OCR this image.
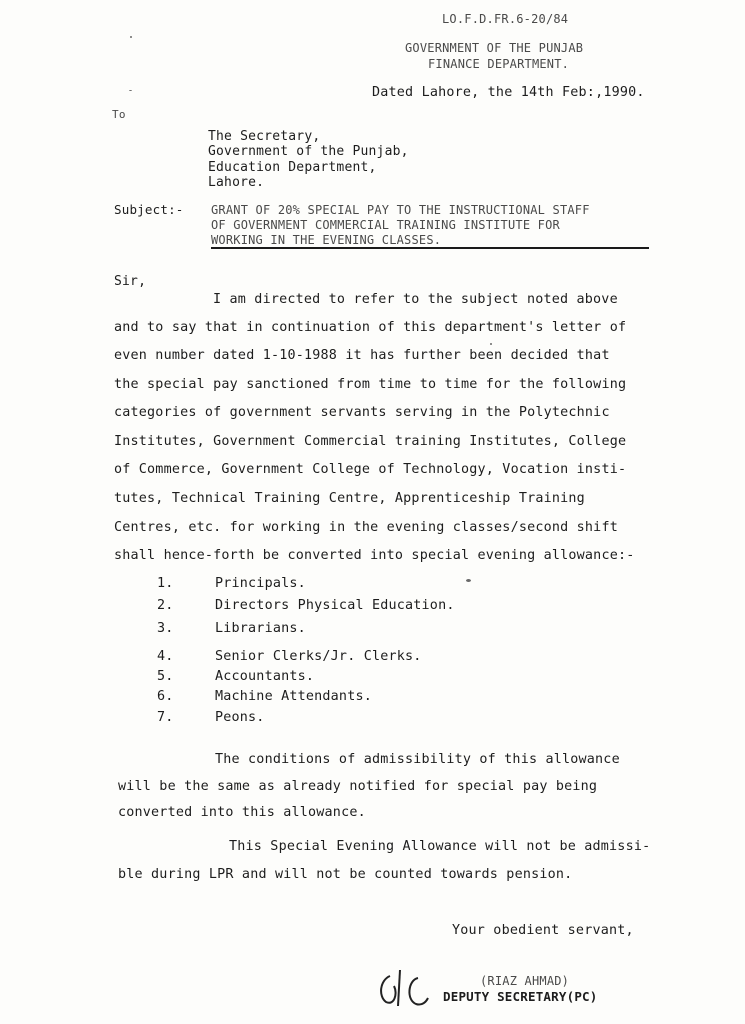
LO.F.D.FR.6-20/84
GOVERNMENT OF THE PUNJAB
FINANCE DEPARTMENT.
Dated Lahore, the 14th Feb:,1990.
To
The Secretary,
Government of the Punjab,
Education Department,
Lahore.
Subject:- GRANT OF 20% SPECIAL PAY TO THE INSTRUCTIONAL STAFF
OF GOVERNMENT COMMERCIAL TRAINING INSTITUTE FOR
WORKING IN THE EVENING CLASSES.
Sir,
I am directed to refer to the subject noted above
and to say that in continuation of this department's letter of
even number dated 1-10-1988 it has further been decided that
the special pay sanctioned from time to time for the following
categories of government servants serving in the Polytechnic
Institutes, Government Commercial training Institutes, College
of Commerce, Government College of Technology, Vocation insti-
tutes, Technical Training Centre, Apprenticeship Training
Centres, etc. for working in the evening classes/second shift
shall hence-forth be converted into special evening allowance:-
1.	Principals.
2.	Directors Physical Education.
3.	Librarians.
4.	Senior Clerks/Jr. Clerks.
5.	Accountants.
6.	Machine Attendants.
7.	Peons.
The conditions of admissibility of this allowance
will be the same as already notified for special pay being
converted into this allowance.
This Special Evening Allowance will not be admissi-
ble during LPR and will not be counted towards pension.
Your obedient servant,
(RIAZ AHMAD)
DEPUTY SECRETARY(PC)
